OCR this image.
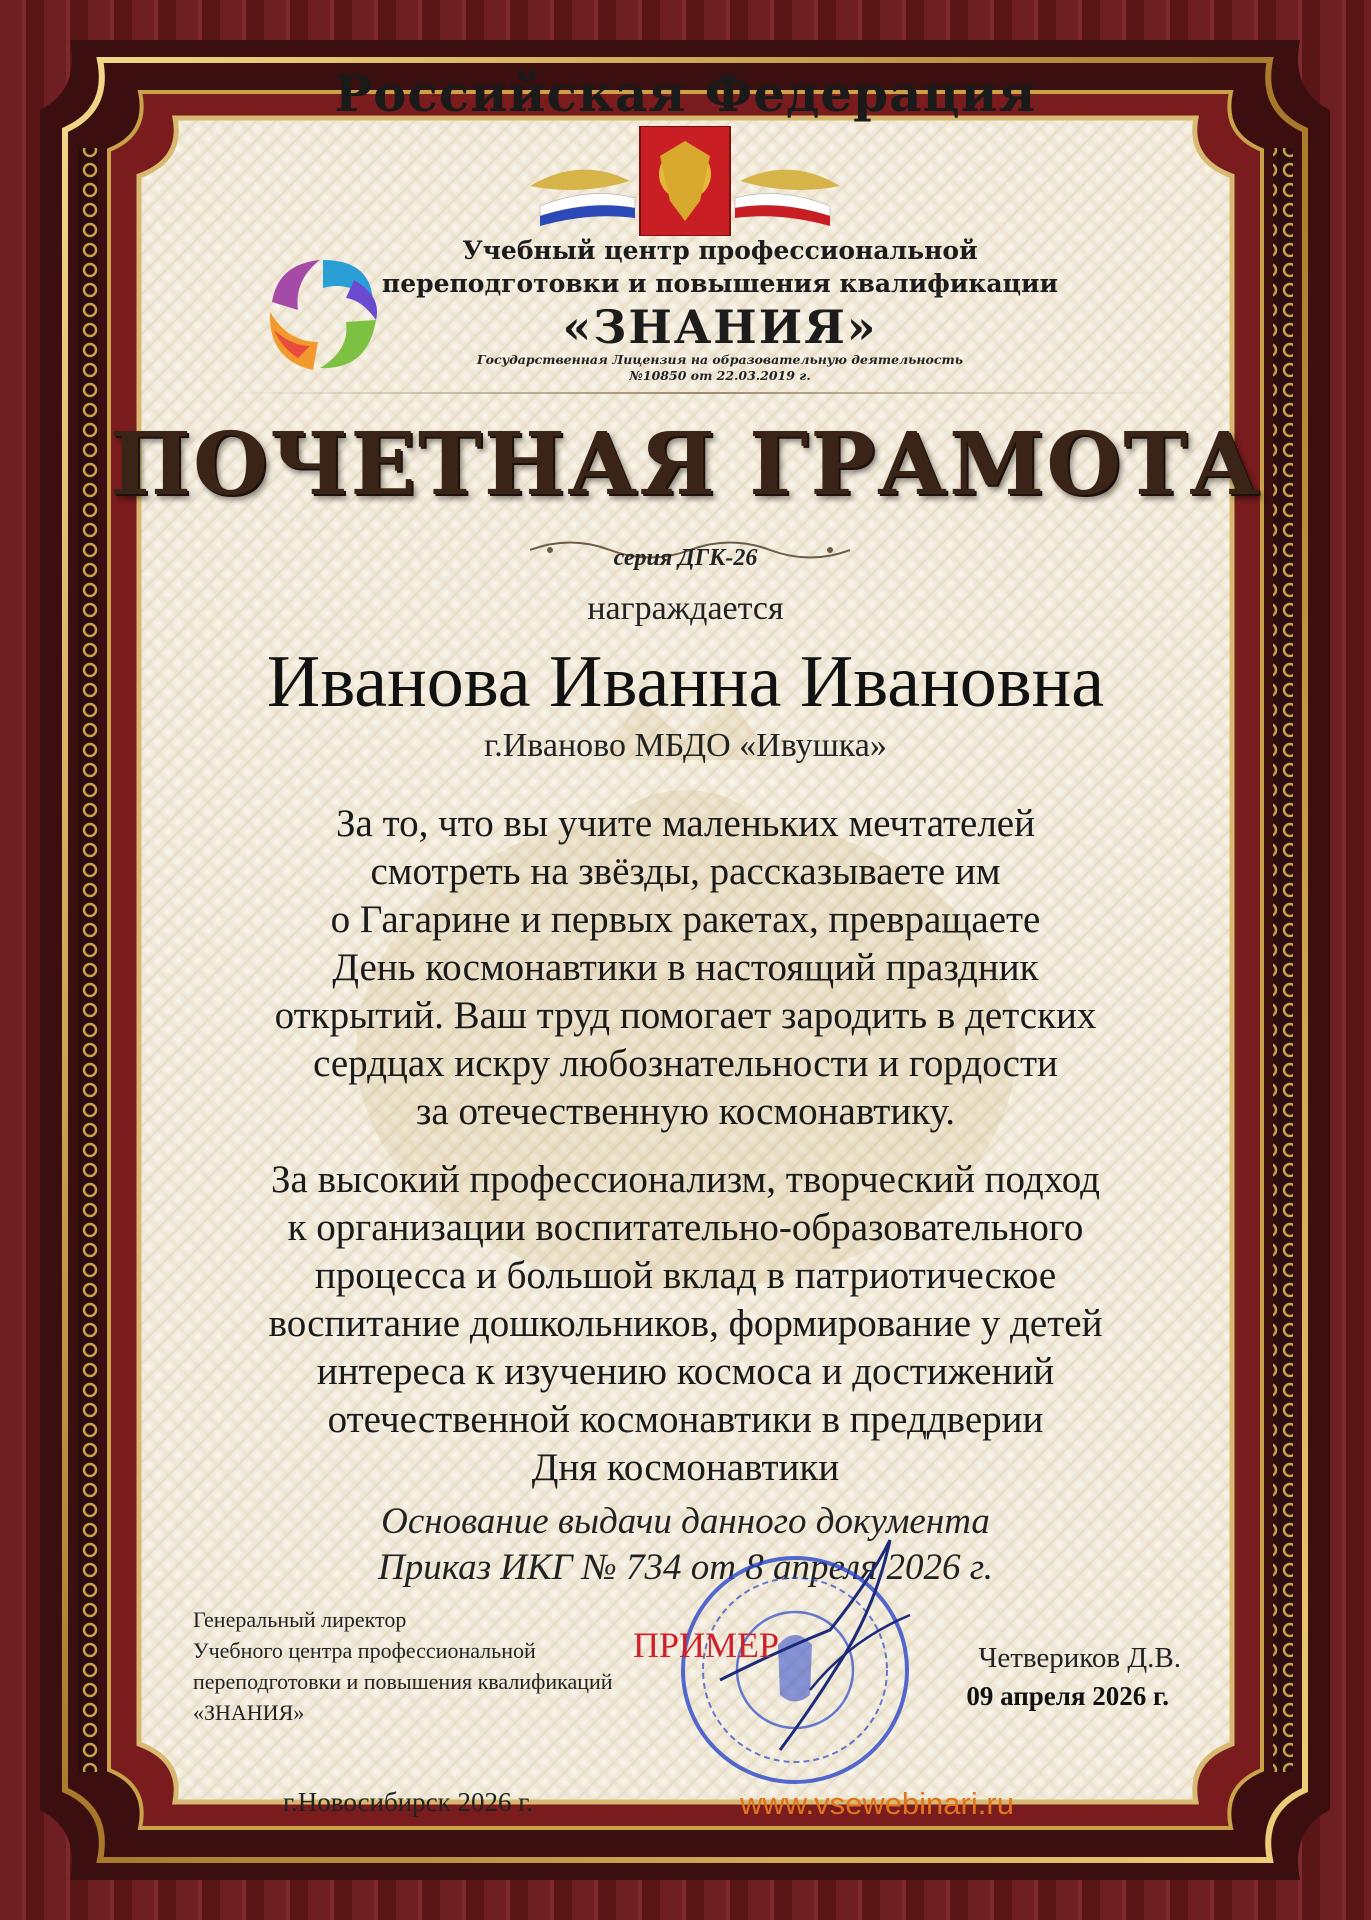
Российская Федерация
Учебный центр профессиональной
переподготовки и повышения квалификации
«ЗНАНИЯ»
Государственная Лицензия на образовательную деятельность
№10850 от 22.03.2019 г.
ПОЧЕТНАЯ ГРАМОТА
серия ДГК-26
награждается
Иванова Иванна Ивановна
г.Иваново МБДО «Ивушка»
За то, что вы учите маленьких мечтателей
смотреть на звёзды, рассказываете им
о Гагарине и первых ракетах, превращаете
День космонавтики в настоящий праздник
открытий. Ваш труд помогает зародить в детских
сердцах искру любознательности и гордости
за отечественную космонавтику.
За высокий профессионализм, творческий подход
к организации воспитательно-образовательного
процесса и большой вклад в патриотическое
воспитание дошкольников, формирование у детей
интереса к изучению космоса и достижений
отечественной космонавтики в преддверии
Дня космонавтики
Основание выдачи данного документа
Приказ ИКГ № 734 от 8 апреля 2026 г.
Генеральный лиректор
Учебного центра профессиональной
переподготовки и повышения квалификаций
«ЗНАНИЯ»
ПРИМЕР	Четвериков Д.В.
09 апреля 2026 г.
г.Новосибирск 2026 г.	www.vsewebinari.ru
